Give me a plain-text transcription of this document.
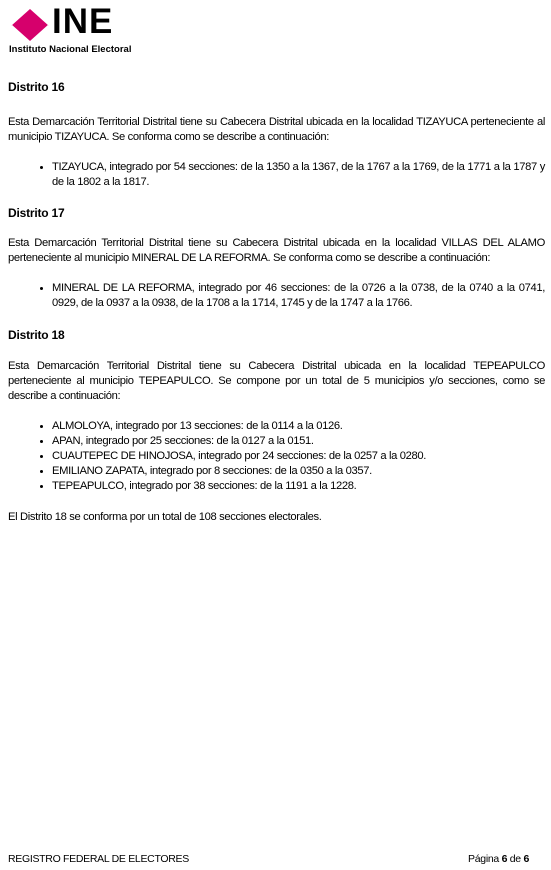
INE
Instituto Nacional Electoral

Distrito 16

Esta Demarcación Territorial Distrital tiene su Cabecera Distrital ubicada en la localidad TIZAYUCA perteneciente al municipio TIZAYUCA. Se conforma como se describe a continuación:

• TIZAYUCA, integrado por 54 secciones: de la 1350 a la 1367, de la 1767 a la 1769, de la 1771 a la 1787 y de la 1802 a la 1817.

Distrito 17

Esta Demarcación Territorial Distrital tiene su Cabecera Distrital ubicada en la localidad VILLAS DEL ALAMO perteneciente al municipio MINERAL DE LA REFORMA. Se conforma como se describe a continuación:

• MINERAL DE LA REFORMA, integrado por 46 secciones: de la 0726 a la 0738, de la 0740 a la 0741, 0929, de la 0937 a la 0938, de la 1708 a la 1714, 1745 y de la 1747 a la 1766.

Distrito 18

Esta Demarcación Territorial Distrital tiene su Cabecera Distrital ubicada en la localidad TEPEAPULCO perteneciente al municipio TEPEAPULCO. Se compone por un total de 5 municipios y/o secciones, como se describe a continuación:

• ALMOLOYA, integrado por 13 secciones: de la 0114 a la 0126.
• APAN, integrado por 25 secciones: de la 0127 a la 0151.
• CUAUTEPEC DE HINOJOSA, integrado por 24 secciones: de la 0257 a la 0280.
• EMILIANO ZAPATA, integrado por 8 secciones: de la 0350 a la 0357.
• TEPEAPULCO, integrado por 38 secciones: de la 1191 a la 1228.

El Distrito 18 se conforma por un total de 108 secciones electorales.

REGISTRO FEDERAL DE ELECTORES	Página 6 de 6
